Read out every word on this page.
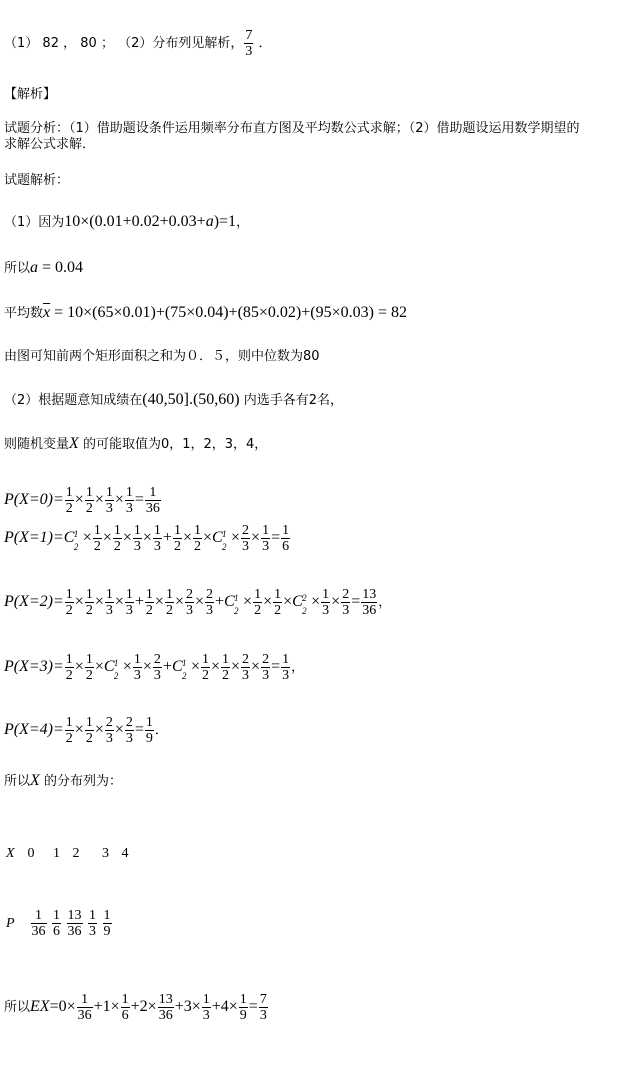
（1） 82 ， 80 ； （2）分布列见解析， $\frac{7}{3}$ ．
【解析】
试题分析：（1）借助题设条件运用频率分布直方图及平均数公式求解；（2）借助题设运用数学期望的
求解公式求解．
试题解析：
（1）因为10×(0.01+0.02+0.03+a)=1，
所以a = 0.04
平均数$\overline{x} = 10\times(65\times 0.01)+(75\times 0.04)+(85\times 0.02)+(95\times 0.03) = 82$
由图可知前两个矩形面积之和为０．５，则中位数为80
（2）根据题意知成绩在(40,50].(50,60) 内选手各有2名，
则随机变量X 的可能取值为0，1，2，3，4，
$P(X=0)= \frac{1}{2} \times \frac{1}{2} \times \frac{1}{3} \times \frac{1}{3} = \frac{1}{36}$
P(X=1)=C 1
2
× $\frac{1}{2} \times \frac{1}{2} \times \frac{1}{3} \times \frac{1}{3} + \frac{1}{2} \times \frac{1}{2} \times C$ 1
2
× $\frac{2}{3} \times \frac{1}{3} = \frac{1}{6}$
$P(X=2)= \frac{1}{2} \times \frac{1}{2} \times \frac{1}{3} \times \frac{1}{3} + \frac{1}{2} \times \frac{1}{2} \times \frac{2}{3} \times \frac{2}{3} +C$ 1
2
× $\frac{1}{2} \times \frac{1}{2} \times C$ 2
2
× $\frac{1}{3} \times \frac{2}{3} = \frac{13}{36}$ ，
$P(X=3)= \frac{1}{2} \times \frac{1}{2} \times C$ 1
2
× $\frac{1}{3} \times \frac{2}{3} +C$ 1
2
× $\frac{1}{2} \times \frac{1}{2} \times \frac{2}{3} \times \frac{2}{3} = \frac{1}{3}$ ，
$P(X=4)= \frac{1}{2} \times \frac{1}{2} \times \frac{2}{3} \times \frac{2}{3} = \frac{1}{9}$ ．
所以X 的分布列为：
X 0 1 2 3 4
P $\frac{1}{36}$
$\frac{1}{6}$
$\frac{13}{36}$
$\frac{1}{3}$
$\frac{1}{9}$
所以$EX=0\times \frac{1}{36} +1\times \frac{1}{6} +2\times \frac{13}{36} +3\times \frac{1}{3} +4\times \frac{1}{9} = \frac{7}{3}$
